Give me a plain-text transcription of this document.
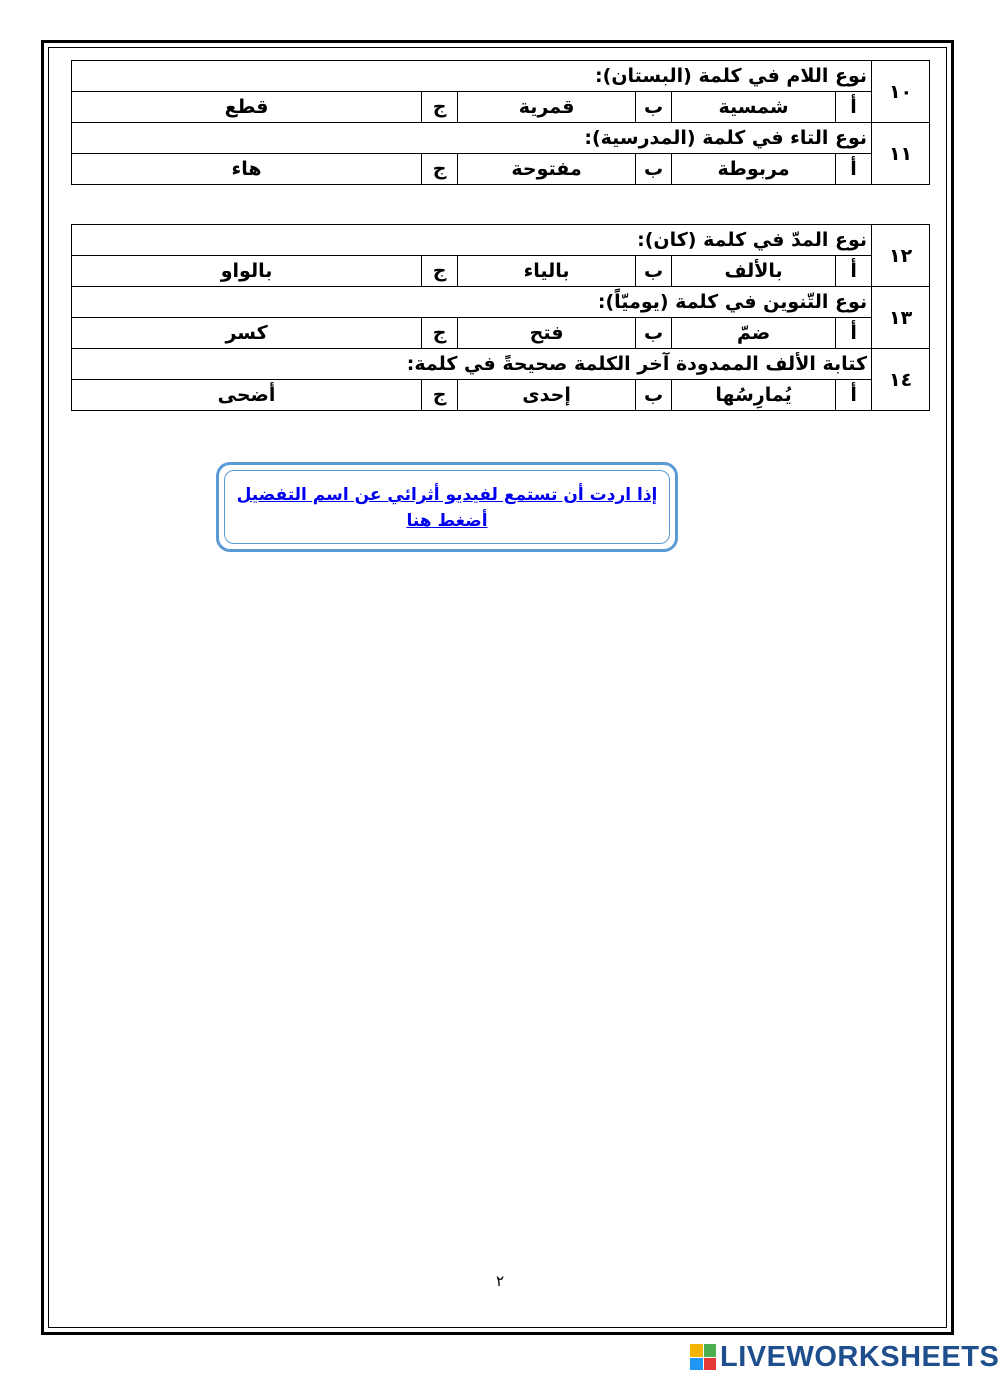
١٠	نوع اللام في كلمة (البستان):					
	أ	شمسية	ب	قمرية	ج	قطع
١١	نوع التاء في كلمة (المدرسية):					
	أ	مربوطة	ب	مفتوحة	ج	هاء
١٢	نوع المدّ في كلمة (كان):					
	أ	بالألف	ب	بالياء	ج	بالواو
١٣	نوع التّنوين في كلمة (يوميّاً):					
	أ	ضمّ	ب	فتح	ج	كسر
١٤	كتابة الألف الممدودة آخر الكلمة صحيحةً في كلمة:					
	أ	يُمارِسُها	ب	إحدى	ج	أضحى
إذا اردت أن تستمع لفيديو أثرائي عن اسم التفضيل
أضغط هنا
٢
LIVEWORKSHEETS
